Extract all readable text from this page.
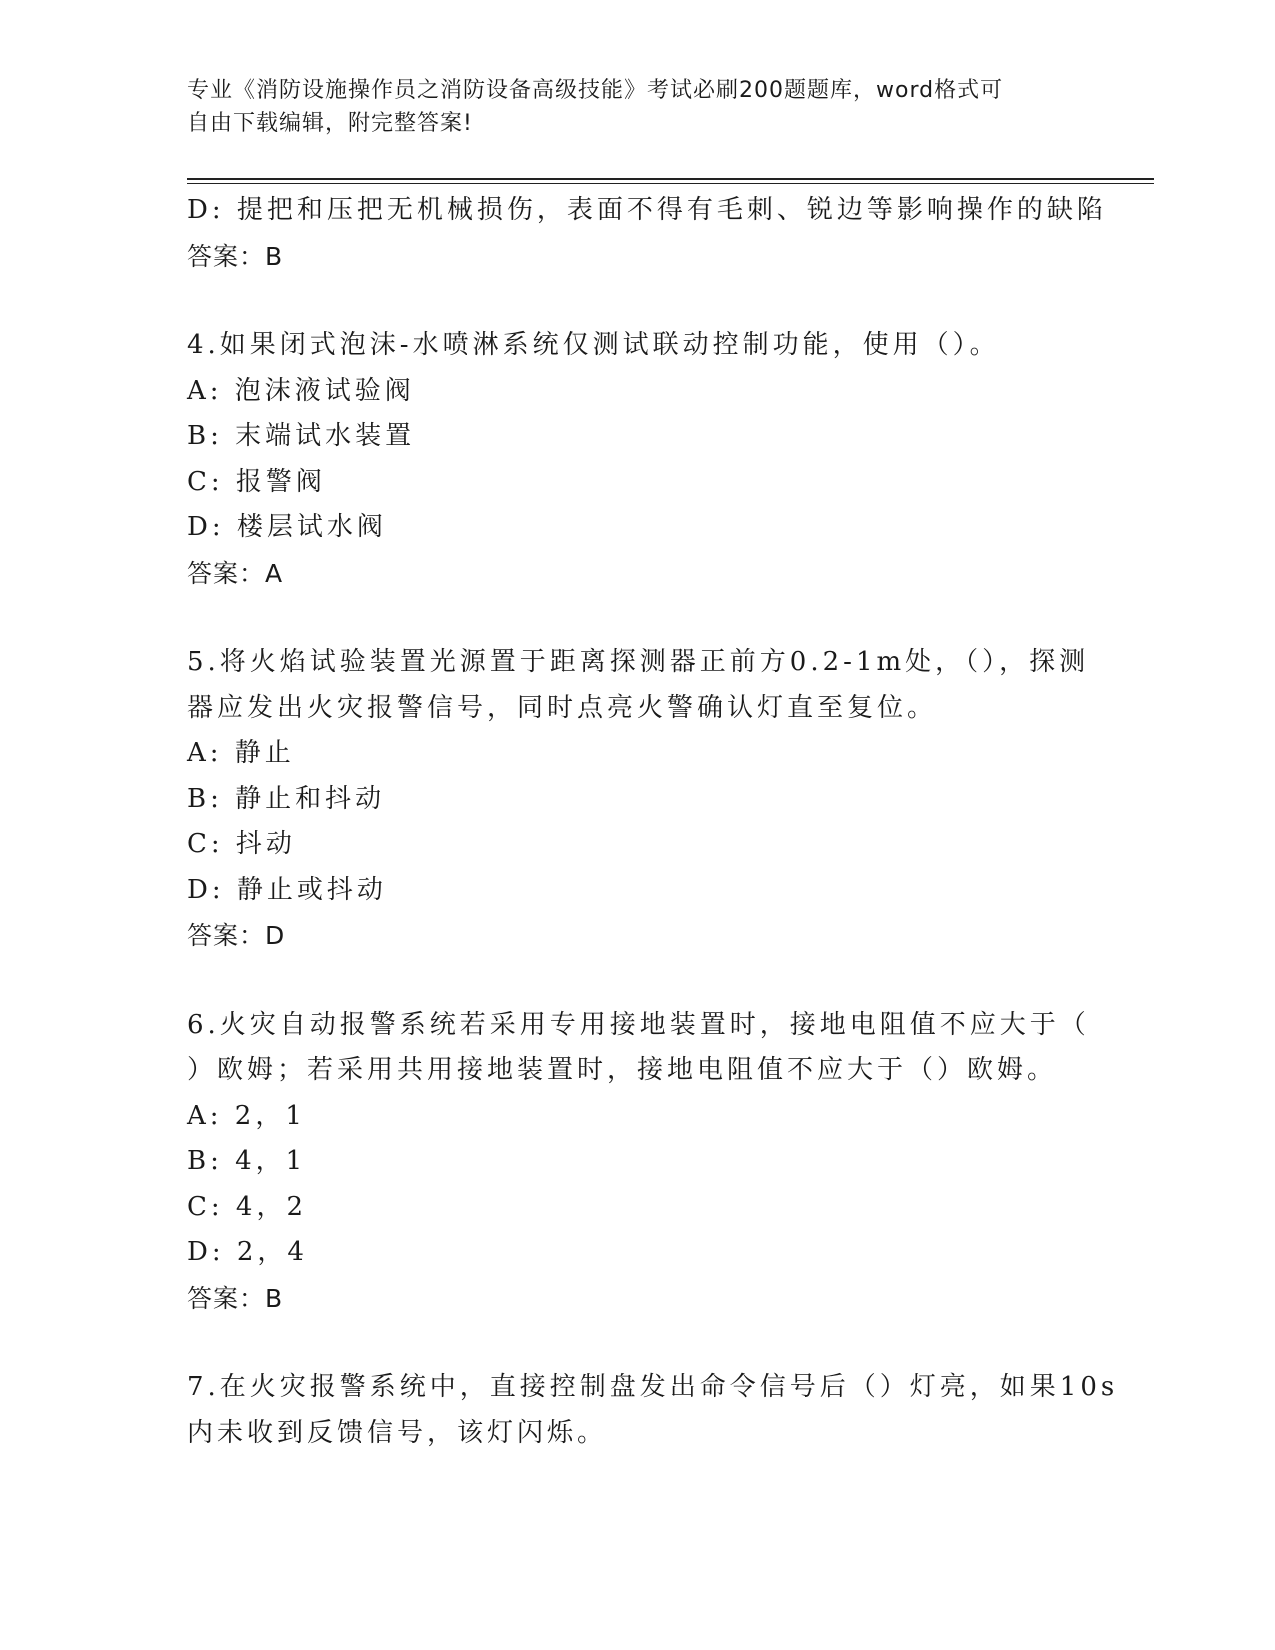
专业《消防设施操作员之消防设备高级技能》考试必刷200题题库，word格式可
自由下载编辑，附完整答案!
D: 提把和压把无机械损伤，表面不得有毛刺、锐边等影响操作的缺陷
答案：B
4.如果闭式泡沫-水喷淋系统仅测试联动控制功能，使用（）。
A: 泡沫液试验阀
B: 末端试水装置
C: 报警阀
D: 楼层试水阀
答案：A
5.将火焰试验装置光源置于距离探测器正前方0.2-1m处，（），探测
器应发出火灾报警信号，同时点亮火警确认灯直至复位。
A: 静止
B: 静止和抖动
C: 抖动
D: 静止或抖动
答案：D
6.火灾自动报警系统若采用专用接地装置时，接地电阻值不应大于（
）欧姆；若采用共用接地装置时，接地电阻值不应大于（）欧姆。
A: 2，1
B: 4，1
C: 4，2
D: 2，4
答案：B
7.在火灾报警系统中，直接控制盘发出命令信号后（）灯亮，如果10s
内未收到反馈信号，该灯闪烁。
